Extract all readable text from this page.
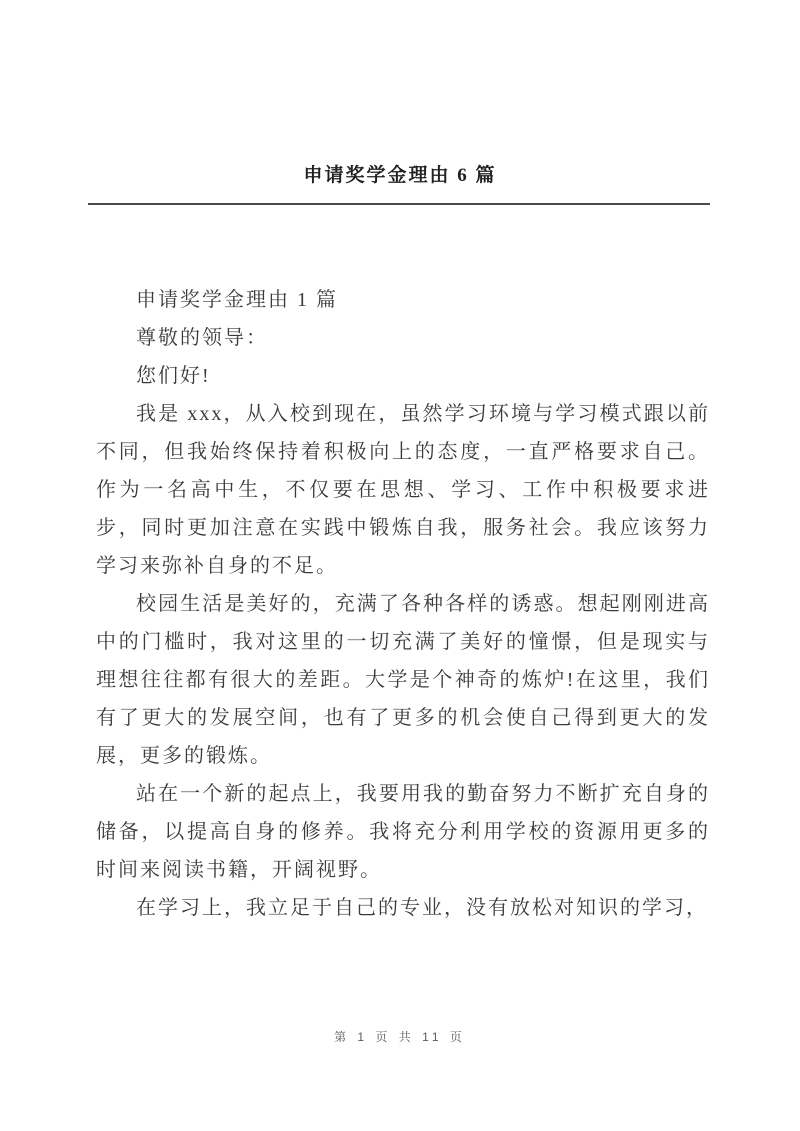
申请奖学金理由 6 篇

申请奖学金理由 1 篇

尊敬的领导：

您们好!

我是 xxx，从入校到现在，虽然学习环境与学习模式跟以前不同，但我始终保持着积极向上的态度，一直严格要求自己。作为一名高中生，不仅要在思想、学习、工作中积极要求进步，同时更加注意在实践中锻炼自我，服务社会。我应该努力学习来弥补自身的不足。

校园生活是美好的，充满了各种各样的诱惑。想起刚刚进高中的门槛时，我对这里的一切充满了美好的憧憬，但是现实与理想往往都有很大的差距。大学是个神奇的炼炉!在这里，我们有了更大的发展空间，也有了更多的机会使自己得到更大的发展，更多的锻炼。

站在一个新的起点上，我要用我的勤奋努力不断扩充自身的储备，以提高自身的修养。我将充分利用学校的资源用更多的时间来阅读书籍，开阔视野。

在学习上，我立足于自己的专业，没有放松对知识的学习，

第 1 页 共 11 页
